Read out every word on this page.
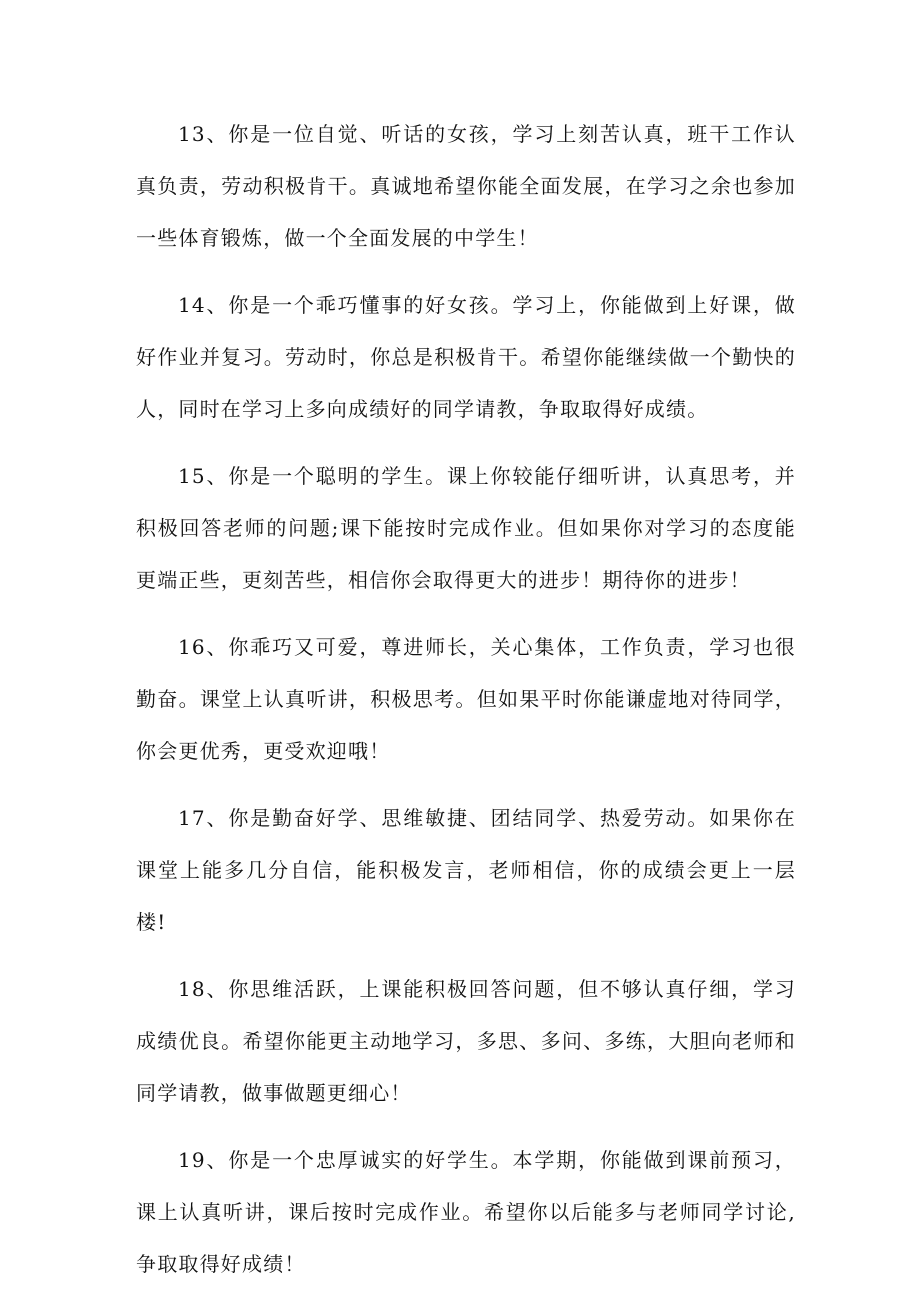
13、你是一位自觉、听话的女孩，学习上刻苦认真，班干工作认真负责，劳动积极肯干。真诚地希望你能全面发展，在学习之余也参加一些体育锻炼，做一个全面发展的中学生！

14、你是一个乖巧懂事的好女孩。学习上，你能做到上好课，做好作业并复习。劳动时，你总是积极肯干。希望你能继续做一个勤快的人，同时在学习上多向成绩好的同学请教，争取取得好成绩。

15、你是一个聪明的学生。课上你较能仔细听讲，认真思考，并积极回答老师的问题;课下能按时完成作业。但如果你对学习的态度能更端正些，更刻苦些，相信你会取得更大的进步！期待你的进步！

16、你乖巧又可爱，尊进师长，关心集体，工作负责，学习也很勤奋。课堂上认真听讲，积极思考。但如果平时你能谦虚地对待同学，你会更优秀，更受欢迎哦！

17、你是勤奋好学、思维敏捷、团结同学、热爱劳动。如果你在课堂上能多几分自信，能积极发言，老师相信，你的成绩会更上一层楼!

18、你思维活跃，上课能积极回答问题，但不够认真仔细，学习成绩优良。希望你能更主动地学习，多思、多问、多练，大胆向老师和同学请教，做事做题更细心！

19、你是一个忠厚诚实的好学生。本学期，你能做到课前预习，课上认真听讲，课后按时完成作业。希望你以后能多与老师同学讨论,争取取得好成绩！
